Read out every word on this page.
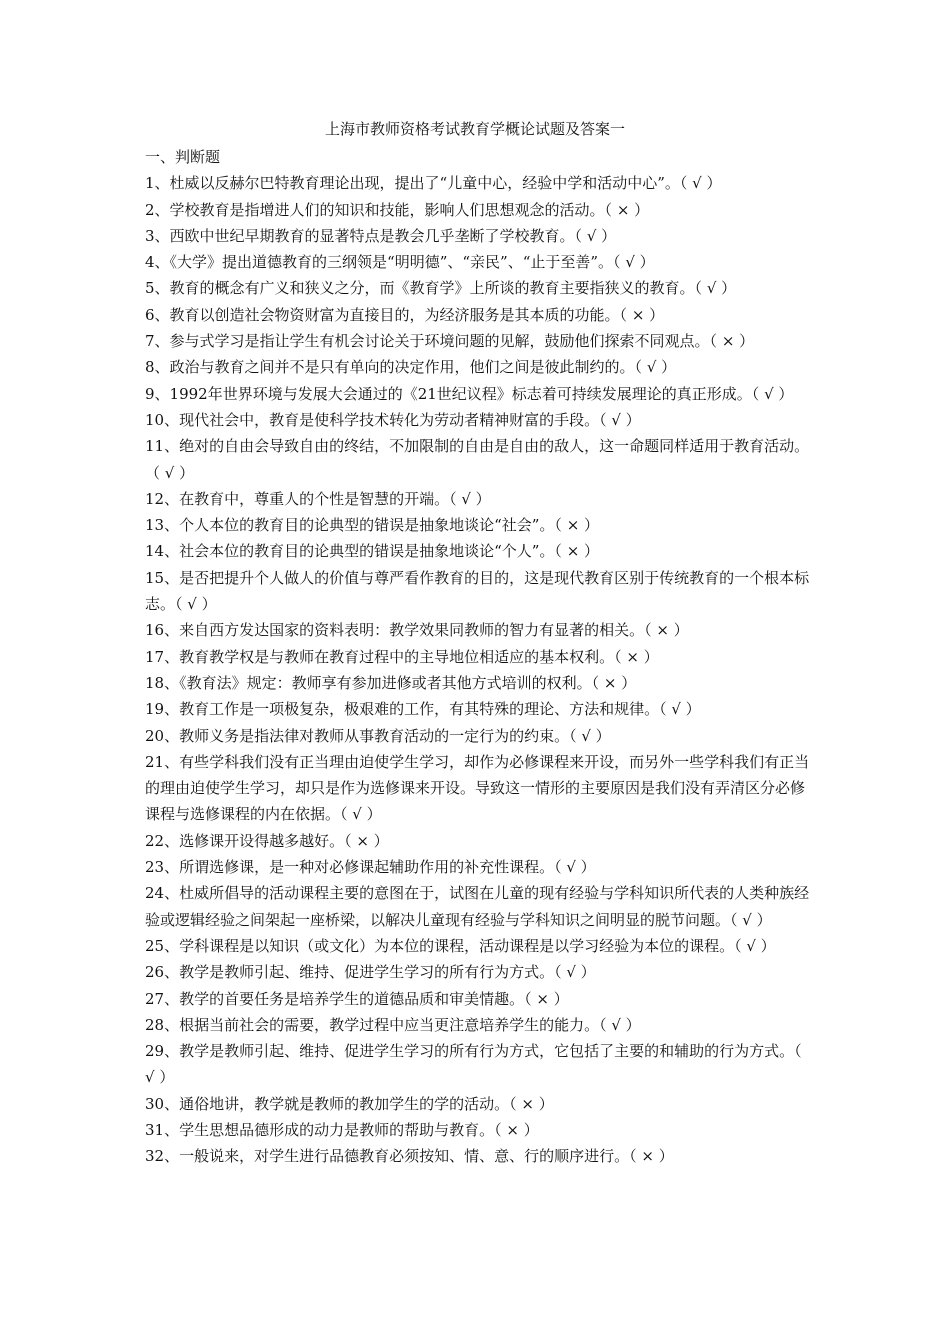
上海市教师资格考试教育学概论试题及答案一

一、判断题

1、杜威以反赫尔巴特教育理论出现，提出了“儿童中心，经验中学和活动中心”。（ √ ）

2、学校教育是指增进人们的知识和技能，影响人们思想观念的活动。（ × ）

3、西欧中世纪早期教育的显著特点是教会几乎垄断了学校教育。（ √ ）

4、《大学》提出道德教育的三纲领是“明明德”、“亲民”、“止于至善”。（ √ ）

5、教育的概念有广义和狭义之分，而《教育学》上所谈的教育主要指狭义的教育。（ √ ）

6、教育以创造社会物资财富为直接目的，为经济服务是其本质的功能。（ × ）

7、参与式学习是指让学生有机会讨论关于环境问题的见解，鼓励他们探索不同观点。（ × ）

8、政治与教育之间并不是只有单向的决定作用，他们之间是彼此制约的。（ √ ）

9、1992年世界环境与发展大会通过的《21世纪议程》标志着可持续发展理论的真正形成。（ √ ）

10、现代社会中，教育是使科学技术转化为劳动者精神财富的手段。（ √ ）

11、绝对的自由会导致自由的终结，不加限制的自由是自由的敌人，这一命题同样适用于教育活动。（ √ ）

12、在教育中，尊重人的个性是智慧的开端。（ √ ）

13、个人本位的教育目的论典型的错误是抽象地谈论“社会”。（ × ）

14、社会本位的教育目的论典型的错误是抽象地谈论“个人”。（ × ）

15、是否把提升个人做人的价值与尊严看作教育的目的，这是现代教育区别于传统教育的一个根本标志。（ √ ）

16、来自西方发达国家的资料表明：教学效果同教师的智力有显著的相关。（ × ）

17、教育教学权是与教师在教育过程中的主导地位相适应的基本权利。（ × ）

18、《教育法》规定：教师享有参加进修或者其他方式培训的权利。（ × ）

19、教育工作是一项极复杂，极艰难的工作，有其特殊的理论、方法和规律。（ √ ）

20、教师义务是指法律对教师从事教育活动的一定行为的约束。（ √ ）

21、有些学科我们没有正当理由迫使学生学习，却作为必修课程来开设，而另外一些学科我们有正当的理由迫使学生学习，却只是作为选修课来开设。导致这一情形的主要原因是我们没有弄清区分必修课程与选修课程的内在依据。（ √ ）

22、选修课开设得越多越好。（ × ）

23、所谓选修课，是一种对必修课起辅助作用的补充性课程。（ √ ）

24、杜威所倡导的活动课程主要的意图在于，试图在儿童的现有经验与学科知识所代表的人类种族经验或逻辑经验之间架起一座桥梁，以解决儿童现有经验与学科知识之间明显的脱节问题。（ √ ）

25、学科课程是以知识（或文化）为本位的课程，活动课程是以学习经验为本位的课程。（ √ ）

26、教学是教师引起、维持、促进学生学习的所有行为方式。（ √ ）

27、教学的首要任务是培养学生的道德品质和审美情趣。（ × ）

28、根据当前社会的需要，教学过程中应当更注意培养学生的能力。（ √ ）

29、教学是教师引起、维持、促进学生学习的所有行为方式，它包括了主要的和辅助的行为方式。（ √ ）

30、通俗地讲，教学就是教师的教加学生的学的活动。（ × ）

31、学生思想品德形成的动力是教师的帮助与教育。（ × ）

32、一般说来，对学生进行品德教育必须按知、情、意、行的顺序进行。（ × ）
